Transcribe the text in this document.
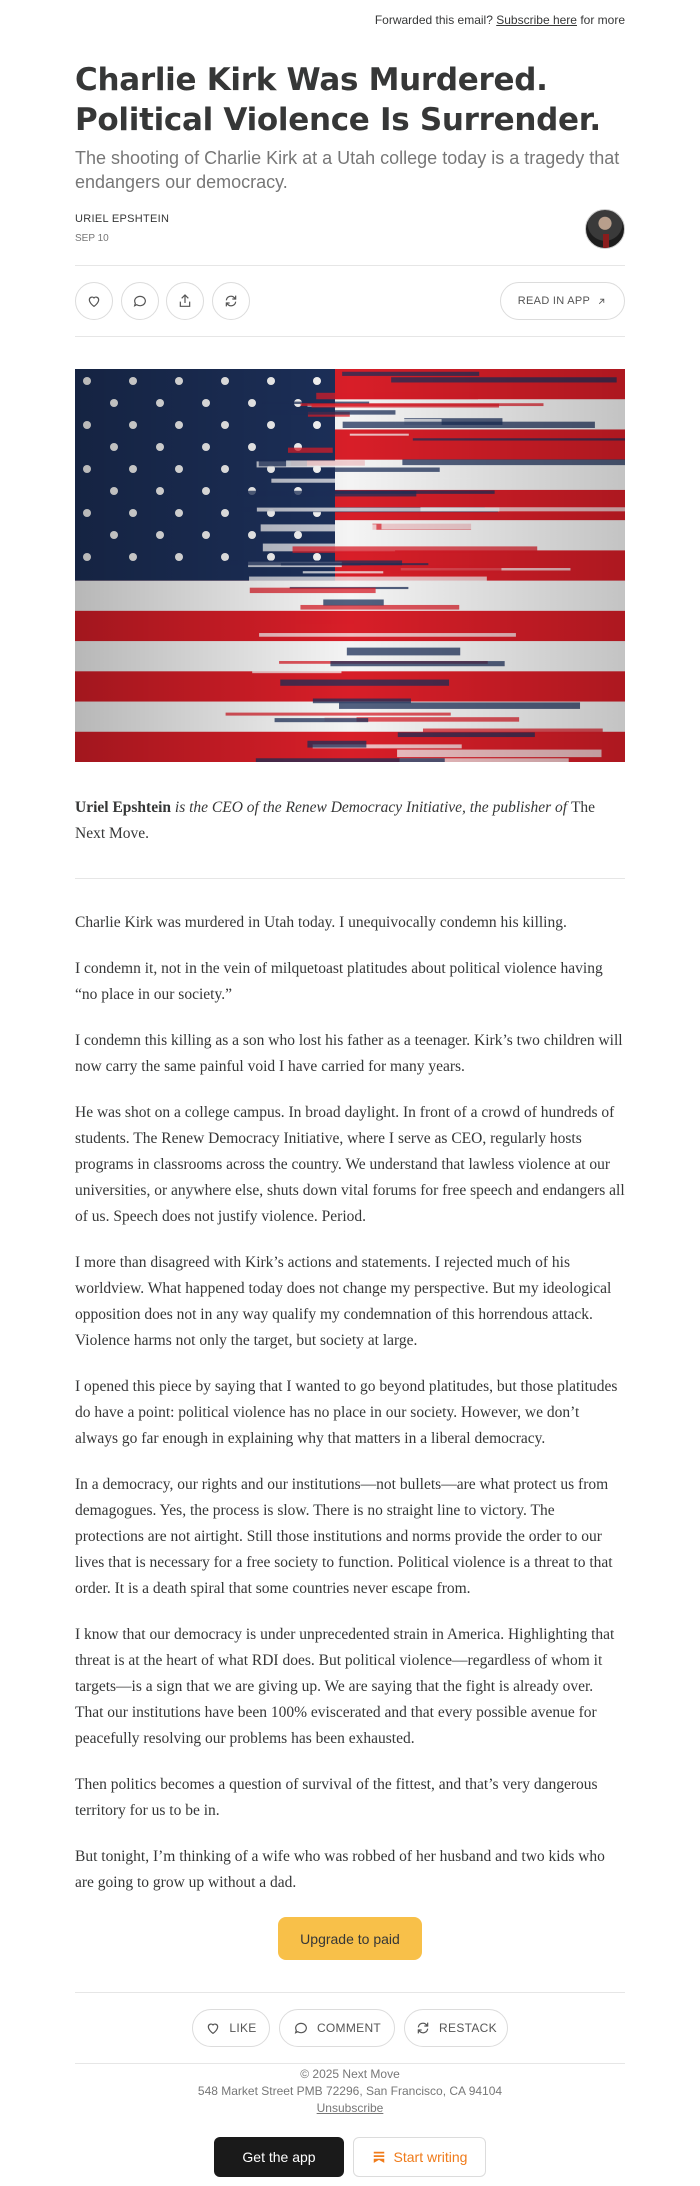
Forwarded this email? Subscribe here for more
Charlie Kirk Was Murdered.
Political Violence Is Surrender.
The shooting of Charlie Kirk at a Utah college today is a tragedy that endangers our democracy.
URIEL EPSHTEIN
SEP 10
READ IN APP
Uriel Epshtein is the CEO of the Renew Democracy Initiative, the publisher of The Next Move.

Charlie Kirk was murdered in Utah today. I unequivocally condemn his killing.

I condemn it, not in the vein of milquetoast platitudes about political violence having “no place in our society.”

I condemn this killing as a son who lost his father as a teenager. Kirk’s two children will now carry the same painful void I have carried for many years.

He was shot on a college campus. In broad daylight. In front of a crowd of hundreds of students. The Renew Democracy Initiative, where I serve as CEO, regularly hosts programs in classrooms across the country. We understand that lawless violence at our universities, or anywhere else, shuts down vital forums for free speech and endangers all of us. Speech does not justify violence. Period.

I more than disagreed with Kirk’s actions and statements. I rejected much of his worldview. What happened today does not change my perspective. But my ideological opposition does not in any way qualify my condemnation of this horrendous attack. Violence harms not only the target, but society at large.

I opened this piece by saying that I wanted to go beyond platitudes, but those platitudes do have a point: political violence has no place in our society. However, we don’t always go far enough in explaining why that matters in a liberal democracy.

In a democracy, our rights and our institutions—not bullets—are what protect us from demagogues. Yes, the process is slow. There is no straight line to victory. The protections are not airtight. Still those institutions and norms provide the order to our lives that is necessary for a free society to function. Political violence is a threat to that order. It is a death spiral that some countries never escape from.

I know that our democracy is under unprecedented strain in America. Highlighting that threat is at the heart of what RDI does. But political violence—regardless of whom it targets—is a sign that we are giving up. We are saying that the fight is already over. That our institutions have been 100% eviscerated and that every possible avenue for peacefully resolving our problems has been exhausted.

Then politics becomes a question of survival of the fittest, and that’s very dangerous territory for us to be in.

But tonight, I’m thinking of a wife who was robbed of her husband and two kids who are going to grow up without a dad.

Upgrade to paid
LIKE	COMMENT	RESTACK
© 2025 Next Move
548 Market Street PMB 72296, San Francisco, CA 94104
Unsubscribe
Get the app	Start writing
